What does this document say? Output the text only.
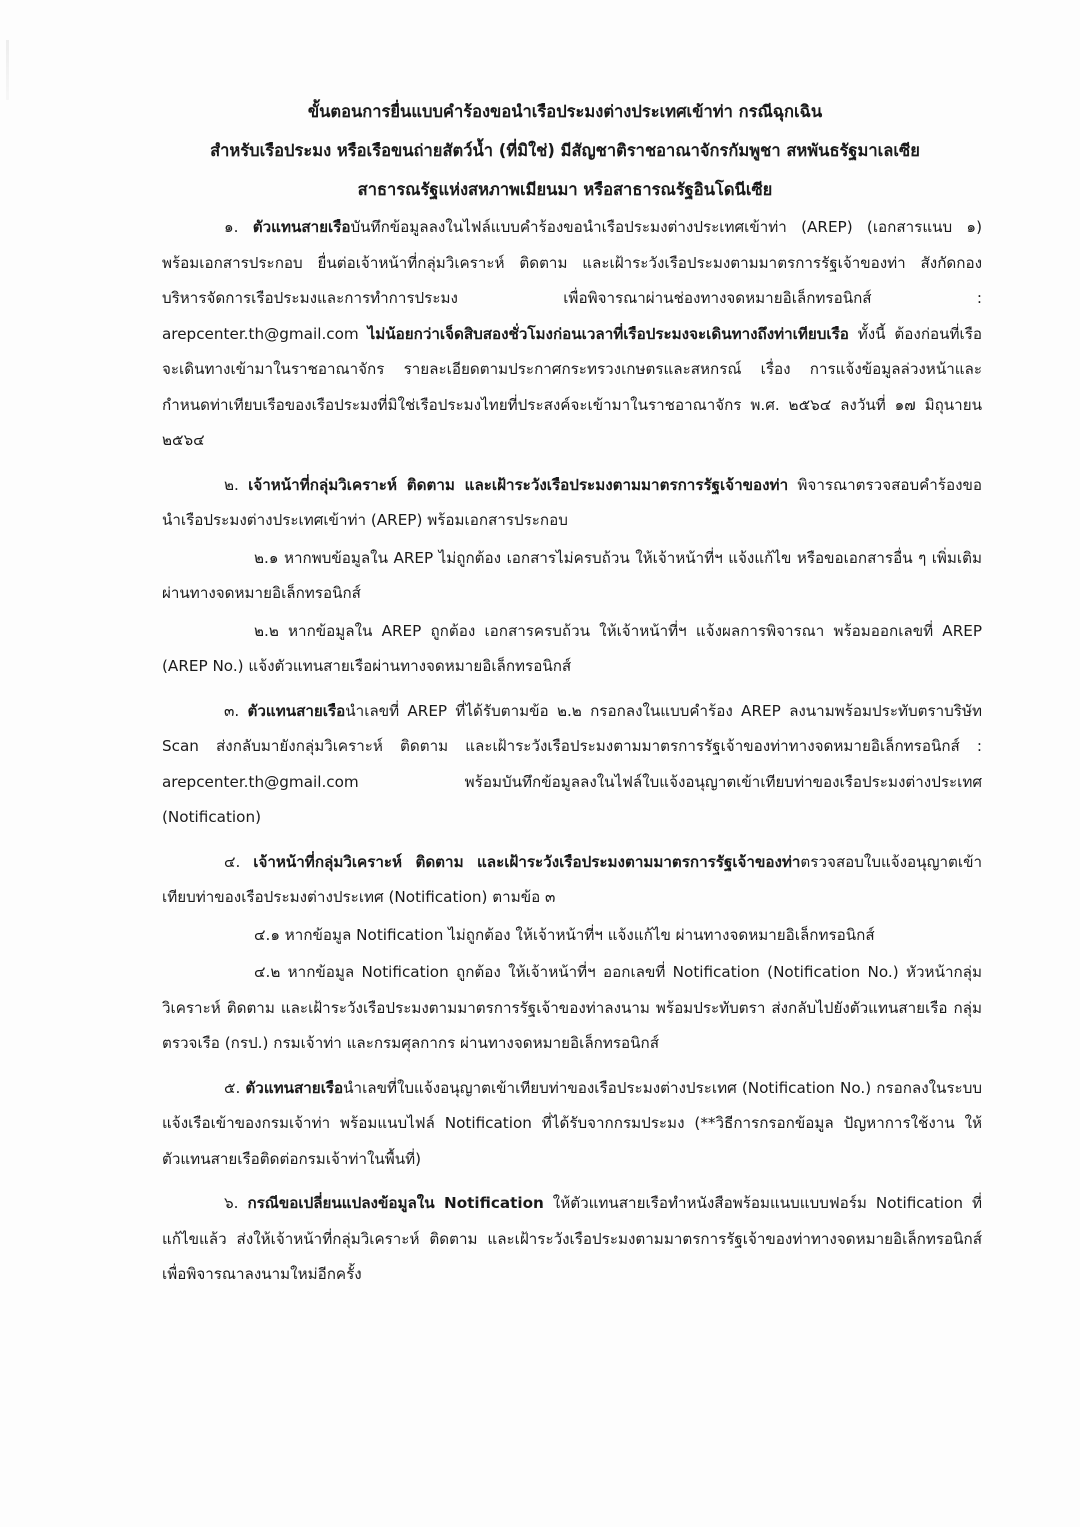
ขั้นตอนการยื่นแบบคำร้องขอนำเรือประมงต่างประเทศเข้าท่า กรณีฉุกเฉิน
สำหรับเรือประมง หรือเรือขนถ่ายสัตว์น้ำ (ที่มิใช่) มีสัญชาติราชอาณาจักรกัมพูชา สหพันธรัฐมาเลเซีย
สาธารณรัฐแห่งสหภาพเมียนมา หรือสาธารณรัฐอินโดนีเซีย

๑. ตัวแทนสายเรือบันทึกข้อมูลลงในไฟล์แบบคำร้องขอนำเรือประมงต่างประเทศเข้าท่า (AREP) (เอกสารแนบ ๑) พร้อมเอกสารประกอบ ยื่นต่อเจ้าหน้าที่กลุ่มวิเคราะห์ ติดตาม และเฝ้าระวังเรือประมงตามมาตรการรัฐเจ้าของท่า สังกัดกองบริหารจัดการเรือประมงและการทำการประมง เพื่อพิจารณาผ่านช่องทางจดหมายอิเล็กทรอนิกส์ : arepcenter.th@gmail.com ไม่น้อยกว่าเจ็ดสิบสองชั่วโมงก่อนเวลาที่เรือประมงจะเดินทางถึงท่าเทียบเรือ ทั้งนี้ ต้องก่อนที่เรือจะเดินทางเข้ามาในราชอาณาจักร รายละเอียดตามประกาศกระทรวงเกษตรและสหกรณ์ เรื่อง การแจ้งข้อมูลล่วงหน้าและกำหนดท่าเทียบเรือของเรือประมงที่มิใช่เรือประมงไทยที่ประสงค์จะเข้ามาในราชอาณาจักร พ.ศ. ๒๕๖๔ ลงวันที่ ๑๗ มิถุนายน ๒๕๖๔

๒. เจ้าหน้าที่กลุ่มวิเคราะห์ ติดตาม และเฝ้าระวังเรือประมงตามมาตรการรัฐเจ้าของท่า พิจารณาตรวจสอบคำร้องขอนำเรือประมงต่างประเทศเข้าท่า (AREP) พร้อมเอกสารประกอบ

๒.๑ หากพบข้อมูลใน AREP ไม่ถูกต้อง เอกสารไม่ครบถ้วน ให้เจ้าหน้าที่ฯ แจ้งแก้ไข หรือขอเอกสารอื่น ๆ เพิ่มเติมผ่านทางจดหมายอิเล็กทรอนิกส์

๒.๒ หากข้อมูลใน AREP ถูกต้อง เอกสารครบถ้วน ให้เจ้าหน้าที่ฯ แจ้งผลการพิจารณา พร้อมออกเลขที่ AREP (AREP No.) แจ้งตัวแทนสายเรือผ่านทางจดหมายอิเล็กทรอนิกส์

๓. ตัวแทนสายเรือนำเลขที่ AREP ที่ได้รับตามข้อ ๒.๒ กรอกลงในแบบคำร้อง AREP ลงนามพร้อมประทับตราบริษัท Scan ส่งกลับมายังกลุ่มวิเคราะห์ ติดตาม และเฝ้าระวังเรือประมงตามมาตรการรัฐเจ้าของท่าทางจดหมายอิเล็กทรอนิกส์ : arepcenter.th@gmail.com พร้อมบันทึกข้อมูลลงในไฟล์ใบแจ้งอนุญาตเข้าเทียบท่าของเรือประมงต่างประเทศ (Notification)

๔. เจ้าหน้าที่กลุ่มวิเคราะห์ ติดตาม และเฝ้าระวังเรือประมงตามมาตรการรัฐเจ้าของท่าตรวจสอบใบแจ้งอนุญาตเข้าเทียบท่าของเรือประมงต่างประเทศ (Notification) ตามข้อ ๓

๔.๑ หากข้อมูล Notification ไม่ถูกต้อง ให้เจ้าหน้าที่ฯ แจ้งแก้ไข ผ่านทางจดหมายอิเล็กทรอนิกส์

๔.๒ หากข้อมูล Notification ถูกต้อง ให้เจ้าหน้าที่ฯ ออกเลขที่ Notification (Notification No.) หัวหน้ากลุ่มวิเคราะห์ ติดตาม และเฝ้าระวังเรือประมงตามมาตรการรัฐเจ้าของท่าลงนาม พร้อมประทับตรา ส่งกลับไปยังตัวแทนสายเรือ กลุ่มตรวจเรือ (กรป.) กรมเจ้าท่า และกรมศุลกากร ผ่านทางจดหมายอิเล็กทรอนิกส์

๕. ตัวแทนสายเรือนำเลขที่ใบแจ้งอนุญาตเข้าเทียบท่าของเรือประมงต่างประเทศ (Notification No.) กรอกลงในระบบแจ้งเรือเข้าของกรมเจ้าท่า พร้อมแนบไฟล์ Notification ที่ได้รับจากกรมประมง (**วิธีการกรอกข้อมูล ปัญหาการใช้งาน ให้ตัวแทนสายเรือติดต่อกรมเจ้าท่าในพื้นที่)

๖. กรณีขอเปลี่ยนแปลงข้อมูลใน Notification ให้ตัวแทนสายเรือทำหนังสือพร้อมแนบแบบฟอร์ม Notification ที่แก้ไขแล้ว ส่งให้เจ้าหน้าที่กลุ่มวิเคราะห์ ติดตาม และเฝ้าระวังเรือประมงตามมาตรการรัฐเจ้าของท่าทางจดหมายอิเล็กทรอนิกส์เพื่อพิจารณาลงนามใหม่อีกครั้ง
